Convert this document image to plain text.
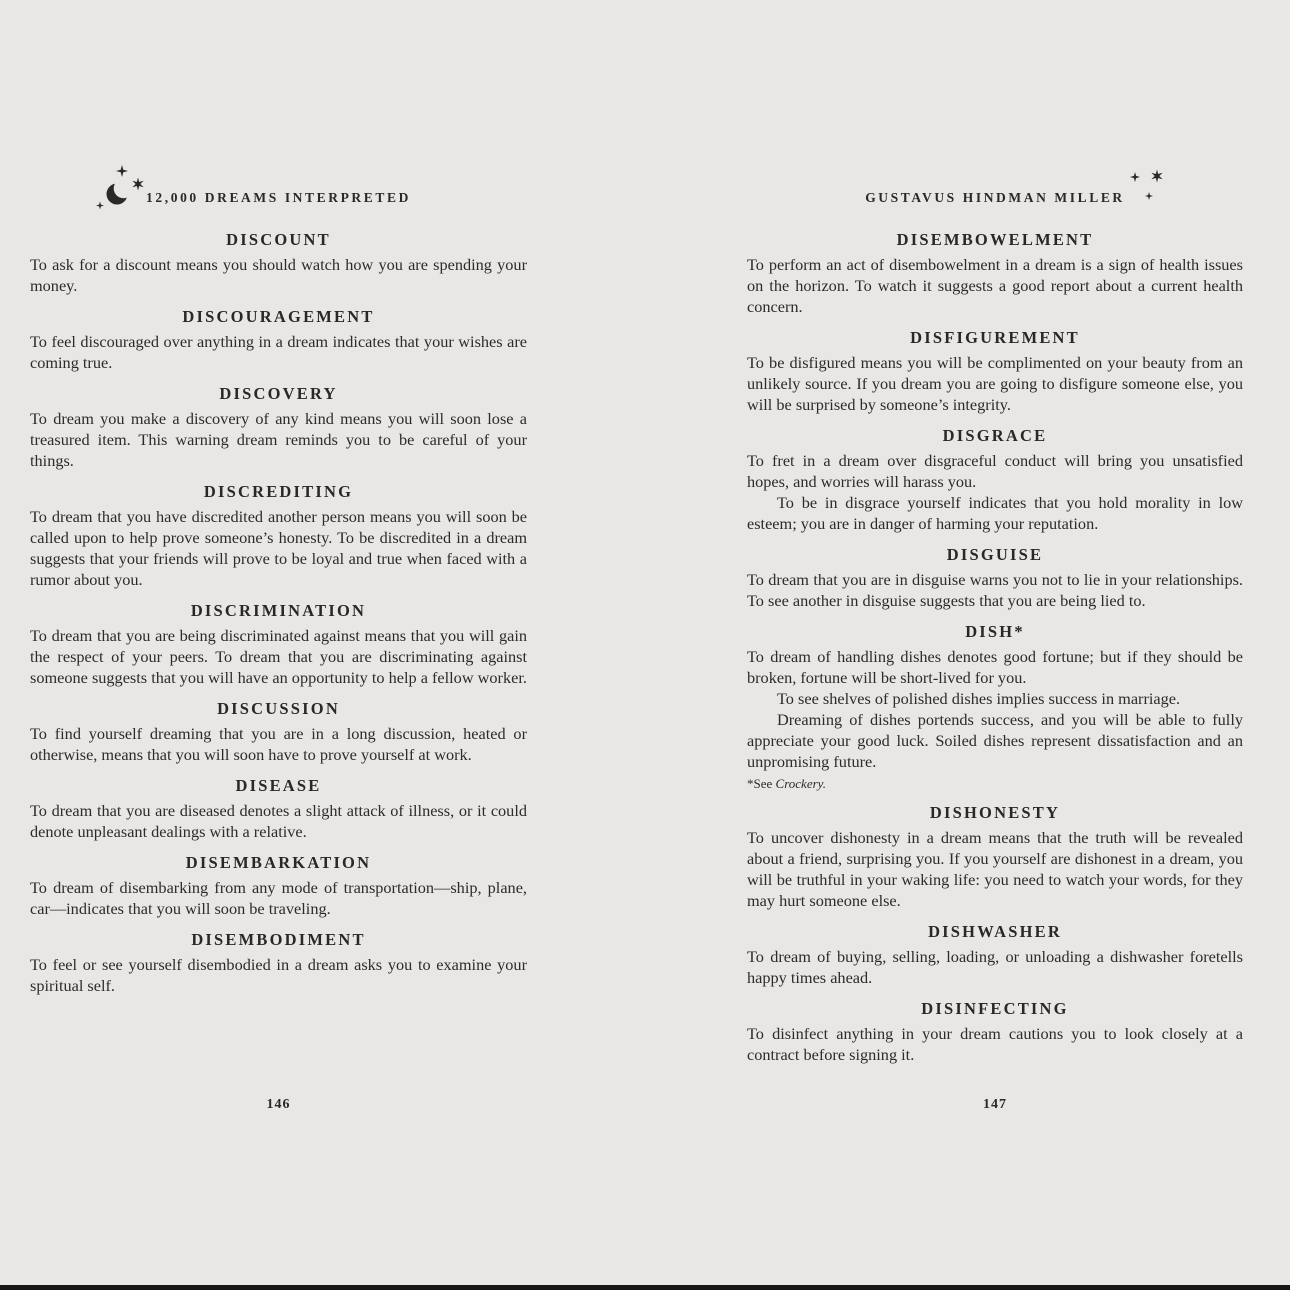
12,000 DREAMS INTERPRETED
DISCOUNT

To ask for a discount means you should watch how you are spending your money.

DISCOURAGEMENT

To feel discouraged over anything in a dream indicates that your wishes are coming true.

DISCOVERY

To dream you make a discovery of any kind means you will soon lose a treasured item. This warning dream reminds you to be careful of your things.

DISCREDITING

To dream that you have discredited another person means you will soon be called upon to help prove someone’s honesty. To be discredited in a dream suggests that your friends will prove to be loyal and true when faced with a rumor about you.

DISCRIMINATION

To dream that you are being discriminated against means that you will gain the respect of your peers. To dream that you are discriminating against someone suggests that you will have an opportunity to help a fellow worker.

DISCUSSION

To find yourself dreaming that you are in a long discussion, heated or otherwise, means that you will soon have to prove yourself at work.

DISEASE

To dream that you are diseased denotes a slight attack of illness, or it could denote unpleasant dealings with a relative.

DISEMBARKATION

To dream of disembarking from any mode of transportation—ship, plane, car—indicates that you will soon be traveling.

DISEMBODIMENT

To feel or see yourself disembodied in a dream asks you to examine your spiritual self.

146
GUSTAVUS HINDMAN MILLER
DISEMBOWELMENT

To perform an act of disembowelment in a dream is a sign of health issues on the horizon. To watch it suggests a good report about a current health concern.

DISFIGUREMENT

To be disfigured means you will be complimented on your beauty from an unlikely source. If you dream you are going to disfigure someone else, you will be surprised by someone’s integrity.

DISGRACE

To fret in a dream over disgraceful conduct will bring you unsatisfied hopes, and worries will harass you.

To be in disgrace yourself indicates that you hold morality in low esteem; you are in danger of harming your reputation.

DISGUISE

To dream that you are in disguise warns you not to lie in your relationships. To see another in disguise suggests that you are being lied to.

DISH*

To dream of handling dishes denotes good fortune; but if they should be broken, fortune will be short-lived for you.

To see shelves of polished dishes implies success in marriage.

Dreaming of dishes portends success, and you will be able to fully appreciate your good luck. Soiled dishes represent dissatisfaction and an unpromising future.

*See Crockery.
DISHONESTY

To uncover dishonesty in a dream means that the truth will be revealed about a friend, surprising you. If you yourself are dishonest in a dream, you will be truthful in your waking life: you need to watch your words, for they may hurt someone else.

DISHWASHER

To dream of buying, selling, loading, or unloading a dishwasher foretells happy times ahead.

DISINFECTING

To disinfect anything in your dream cautions you to look closely at a contract before signing it.

147
